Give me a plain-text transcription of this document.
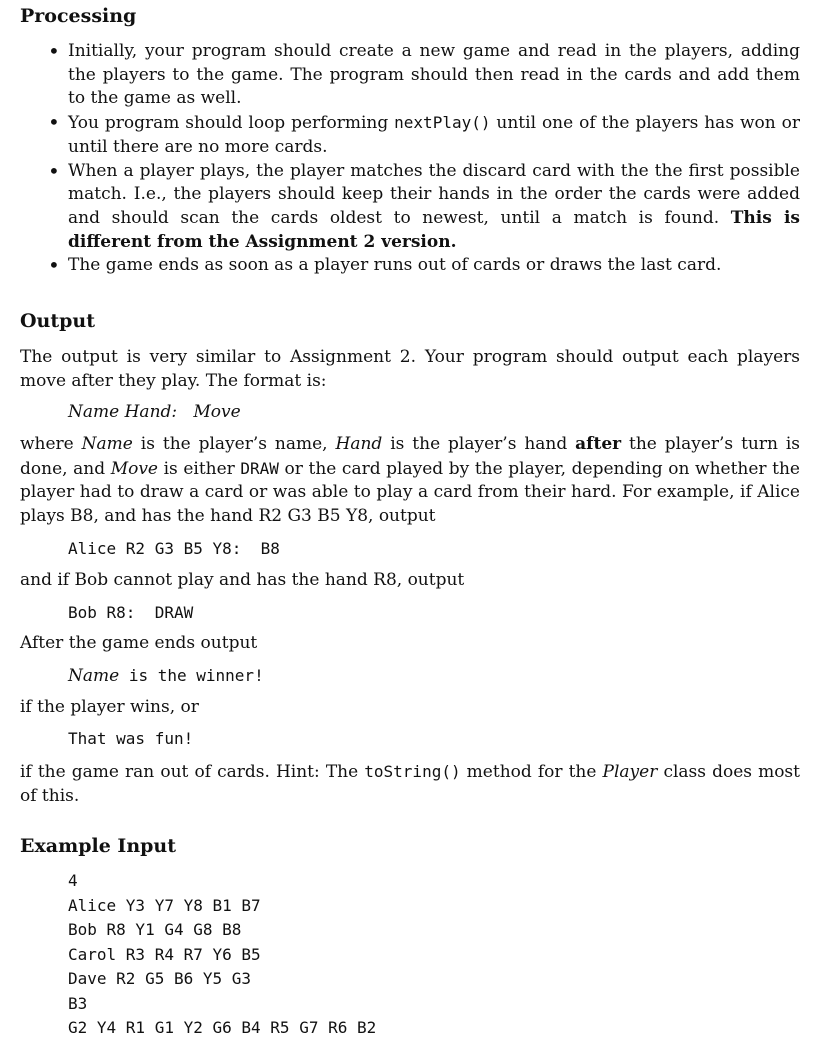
Processing
• Initially, your program should create a new game and read in the players, adding the players to the game. The program should then read in the cards and add them to the game as well.
• You program should loop performing nextPlay() until one of the players has won or until there are no more cards.
• When a player plays, the player matches the discard card with the the first possible match. I.e., the players should keep their hands in the order the cards were added and should scan the cards oldest to newest, until a match is found. This is different from the Assignment 2 version.
• The game ends as soon as a player runs out of cards or draws the last card.
Output

The output is very similar to Assignment 2. Your program should output each players move after they play. The format is:

Name Hand: Move

where Name is the player’s name, Hand is the player’s hand after the player’s turn is done, and Move is either DRAW or the card played by the player, depending on whether the player had to draw a card or was able to play a card from their hard. For example, if Alice plays B8, and has the hand R2 G3 B5 Y8, output

Alice R2 G3 B5 Y8:  B8

and if Bob cannot play and has the hand R8, output

Bob R8:  DRAW

After the game ends output

Name is the winner!

if the player wins, or

That was fun!

if the game ran out of cards. Hint: The toString() method for the Player class does most of this.

Example Input
4
Alice Y3 Y7 Y8 B1 B7
Bob R8 Y1 G4 G8 B8
Carol R3 R4 R7 Y6 B5
Dave R2 G5 B6 Y5 G3
B3
G2 Y4 R1 G1 Y2 G6 B4 R5 G7 R6 B2
